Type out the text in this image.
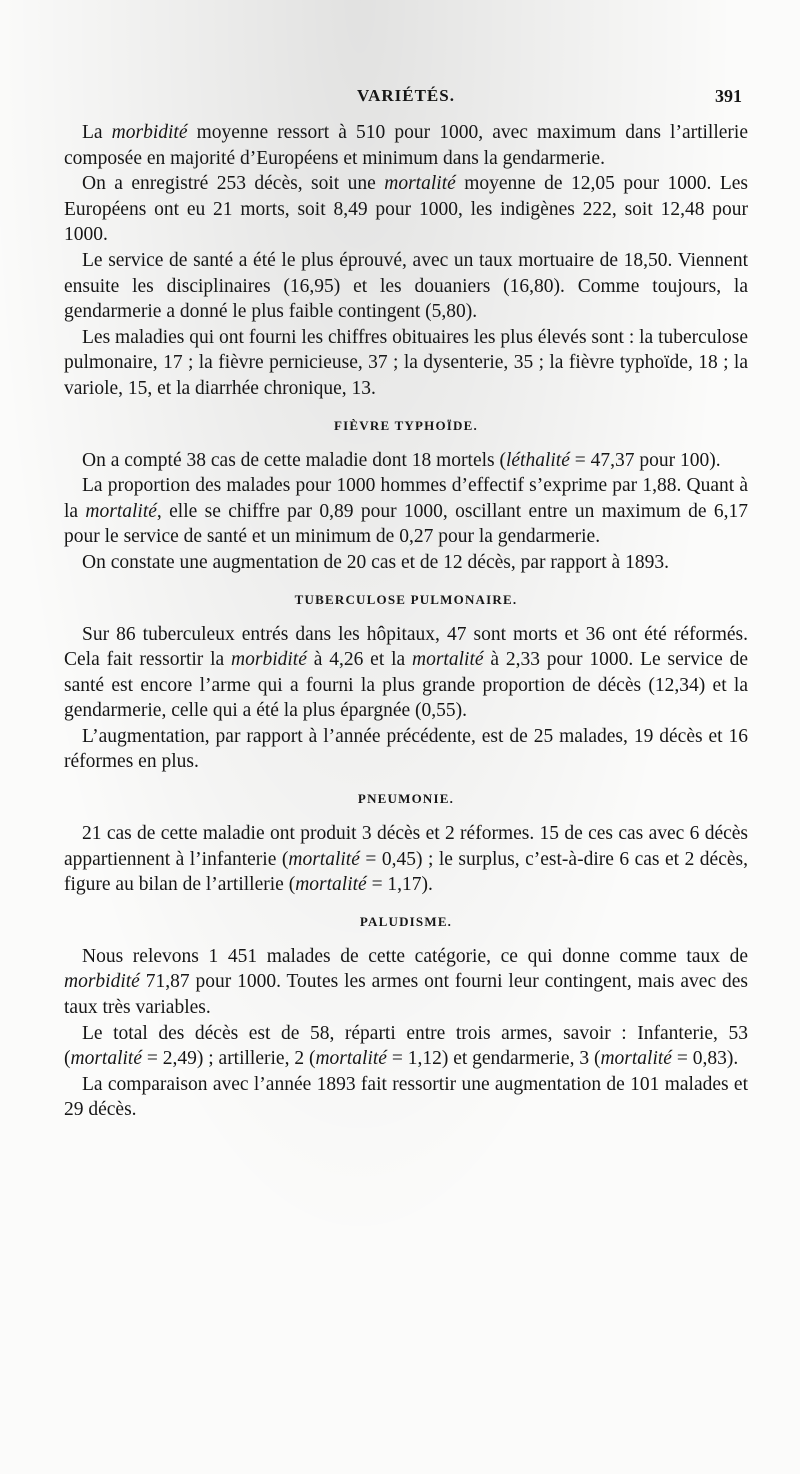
VARIÉTÉS.	391

La morbidité moyenne ressort à 510 pour 1000, avec maximum dans l’artillerie composée en majorité d’Européens et minimum dans la gendarmerie.

On a enregistré 253 décès, soit une mortalité moyenne de 12,05 pour 1000. Les Européens ont eu 21 morts, soit 8,49 pour 1000, les indigènes 222, soit 12,48 pour 1000.

Le service de santé a été le plus éprouvé, avec un taux mortuaire de 18,50. Viennent ensuite les disciplinaires (16,95) et les douaniers (16,80). Comme toujours, la gendarmerie a donné le plus faible contingent (5,80).

Les maladies qui ont fourni les chiffres obituaires les plus élevés sont : la tuberculose pulmonaire, 17 ; la fièvre pernicieuse, 37 ; la dysenterie, 35 ; la fièvre typhoïde, 18 ; la variole, 15, et la diarrhée chronique, 13.

FIÈVRE TYPHOÏDE.

On a compté 38 cas de cette maladie dont 18 mortels (léthalité = 47,37 pour 100).

La proportion des malades pour 1000 hommes d’effectif s’exprime par 1,88. Quant à la mortalité, elle se chiffre par 0,89 pour 1000, oscillant entre un maximum de 6,17 pour le service de santé et un minimum de 0,27 pour la gendarmerie.

On constate une augmentation de 20 cas et de 12 décès, par rapport à 1893.

TUBERCULOSE PULMONAIRE.

Sur 86 tuberculeux entrés dans les hôpitaux, 47 sont morts et 36 ont été réformés. Cela fait ressortir la morbidité à 4,26 et la mortalité à 2,33 pour 1000. Le service de santé est encore l’arme qui a fourni la plus grande proportion de décès (12,34) et la gendarmerie, celle qui a été la plus épargnée (0,55).

L’augmentation, par rapport à l’année précédente, est de 25 malades, 19 décès et 16 réformes en plus.

PNEUMONIE.

21 cas de cette maladie ont produit 3 décès et 2 réformes. 15 de ces cas avec 6 décès appartiennent à l’infanterie (mortalité = 0,45) ; le surplus, c’est-à-dire 6 cas et 2 décès, figure au bilan de l’artillerie (mortalité = 1,17).

PALUDISME.

Nous relevons 1 451 malades de cette catégorie, ce qui donne comme taux de morbidité 71,87 pour 1000. Toutes les armes ont fourni leur contingent, mais avec des taux très variables.

Le total des décès est de 58, réparti entre trois armes, savoir : Infanterie, 53 (mortalité = 2,49) ; artillerie, 2 (mortalité = 1,12) et gendarmerie, 3 (mortalité = 0,83).

La comparaison avec l’année 1893 fait ressortir une augmentation de 101 malades et 29 décès.
